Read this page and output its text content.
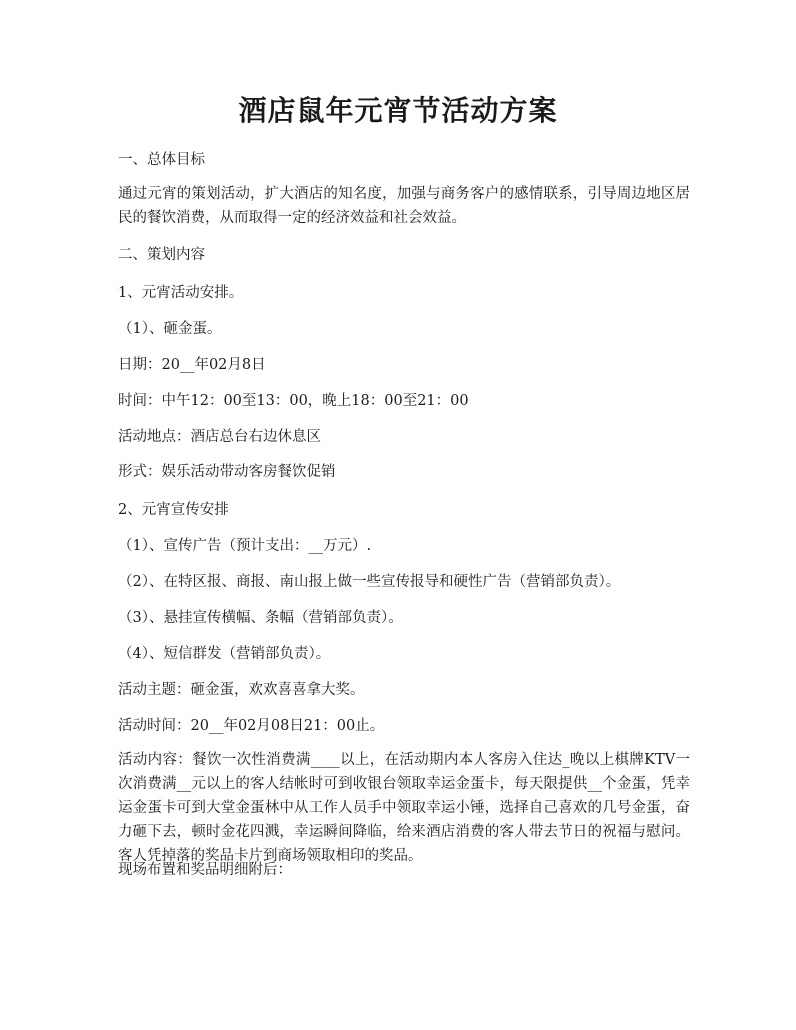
酒店鼠年元宵节活动方案
一、总体目标
通过元宵的策划活动，扩大酒店的知名度，加强与商务客户的感情联系，引导周边地区居民的餐饮消费，从而取得一定的经济效益和社会效益。
二、策划内容
1、元宵活动安排。
（1）、砸金蛋。
日期：20__年02月8日
时间：中午12：00至13：00，晚上18：00至21：00
活动地点：酒店总台右边休息区
形式：娱乐活动带动客房餐饮促销
2、元宵宣传安排
（1）、宣传广告（预计支出：__万元）.
（2）、在特区报、商报、南山报上做一些宣传报导和硬性广告（营销部负责）。
（3）、悬挂宣传横幅、条幅（营销部负责）。
（4）、短信群发（营销部负责）。
活动主题：砸金蛋，欢欢喜喜拿大奖。
活动时间：20__年02月08日21：00止。
活动内容：餐饮一次性消费满____以上，在活动期内本人客房入住达_晚以上棋牌KTV一次消费满__元以上的客人结帐时可到收银台领取幸运金蛋卡，每天限提供__个金蛋，凭幸运金蛋卡可到大堂金蛋林中从工作人员手中领取幸运小锤，选择自己喜欢的几号金蛋，奋力砸下去，顿时金花四溅，幸运瞬间降临，给来酒店消费的客人带去节日的祝福与慰问。客人凭掉落的奖品卡片到商场领取相印的奖品。
现场布置和奖品明细附后：
